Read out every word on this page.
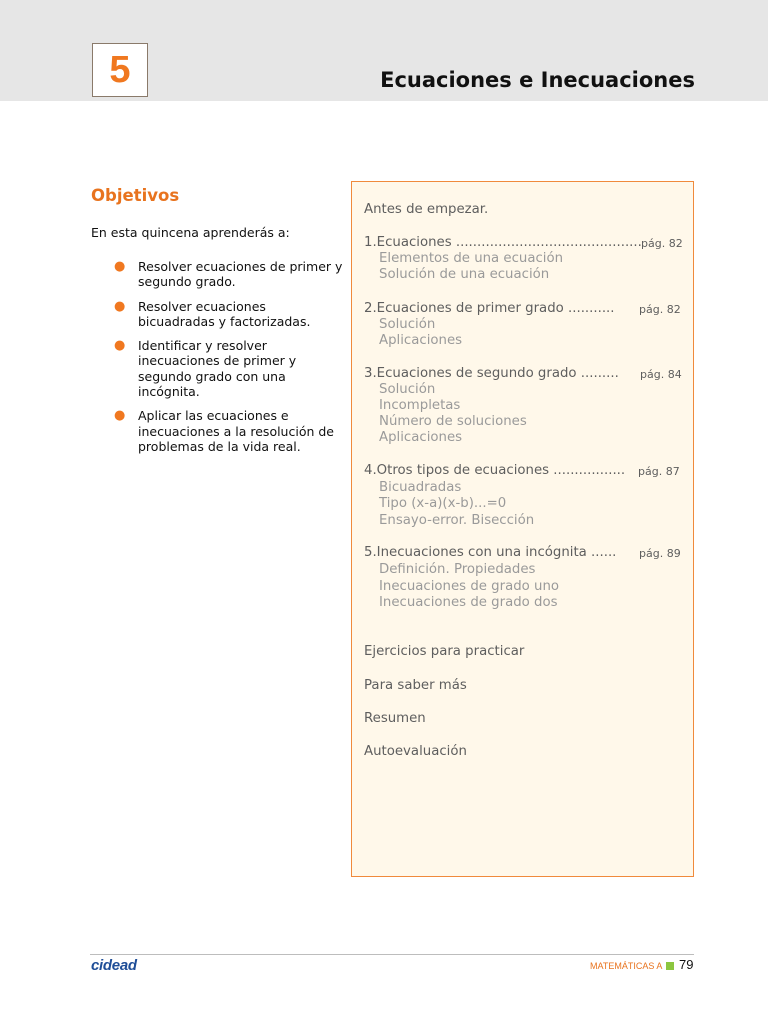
5	Ecuaciones e Inecuaciones
Objetivos
En esta quincena aprenderás a:
● Resolver ecuaciones de primer y segundo grado.
● Resolver ecuaciones bicuadradas y factorizadas.
● Identificar y resolver inecuaciones de primer y segundo grado con una incógnita.
● Aplicar las ecuaciones e inecuaciones a la resolución de problemas de la vida real.
Antes de empezar.
1.Ecuaciones ............................................ pág. 82
Elementos de una ecuación
Solución de una ecuación
2.Ecuaciones de primer grado ........... pág. 82
Solución
Aplicaciones
3.Ecuaciones de segundo grado ......... pág. 84
Solución
Incompletas
Número de soluciones
Aplicaciones
4.Otros tipos de ecuaciones ................. pág. 87
Bicuadradas
Tipo (x-a)(x-b)...=0
Ensayo-error. Bisección
5.Inecuaciones con una incógnita ...... pág. 89
Definición. Propiedades
Inecuaciones de grado uno
Inecuaciones de grado dos
Ejercicios para practicar
Para saber más
Resumen
Autoevaluación
cidead	MATEMÁTICAS A 79
